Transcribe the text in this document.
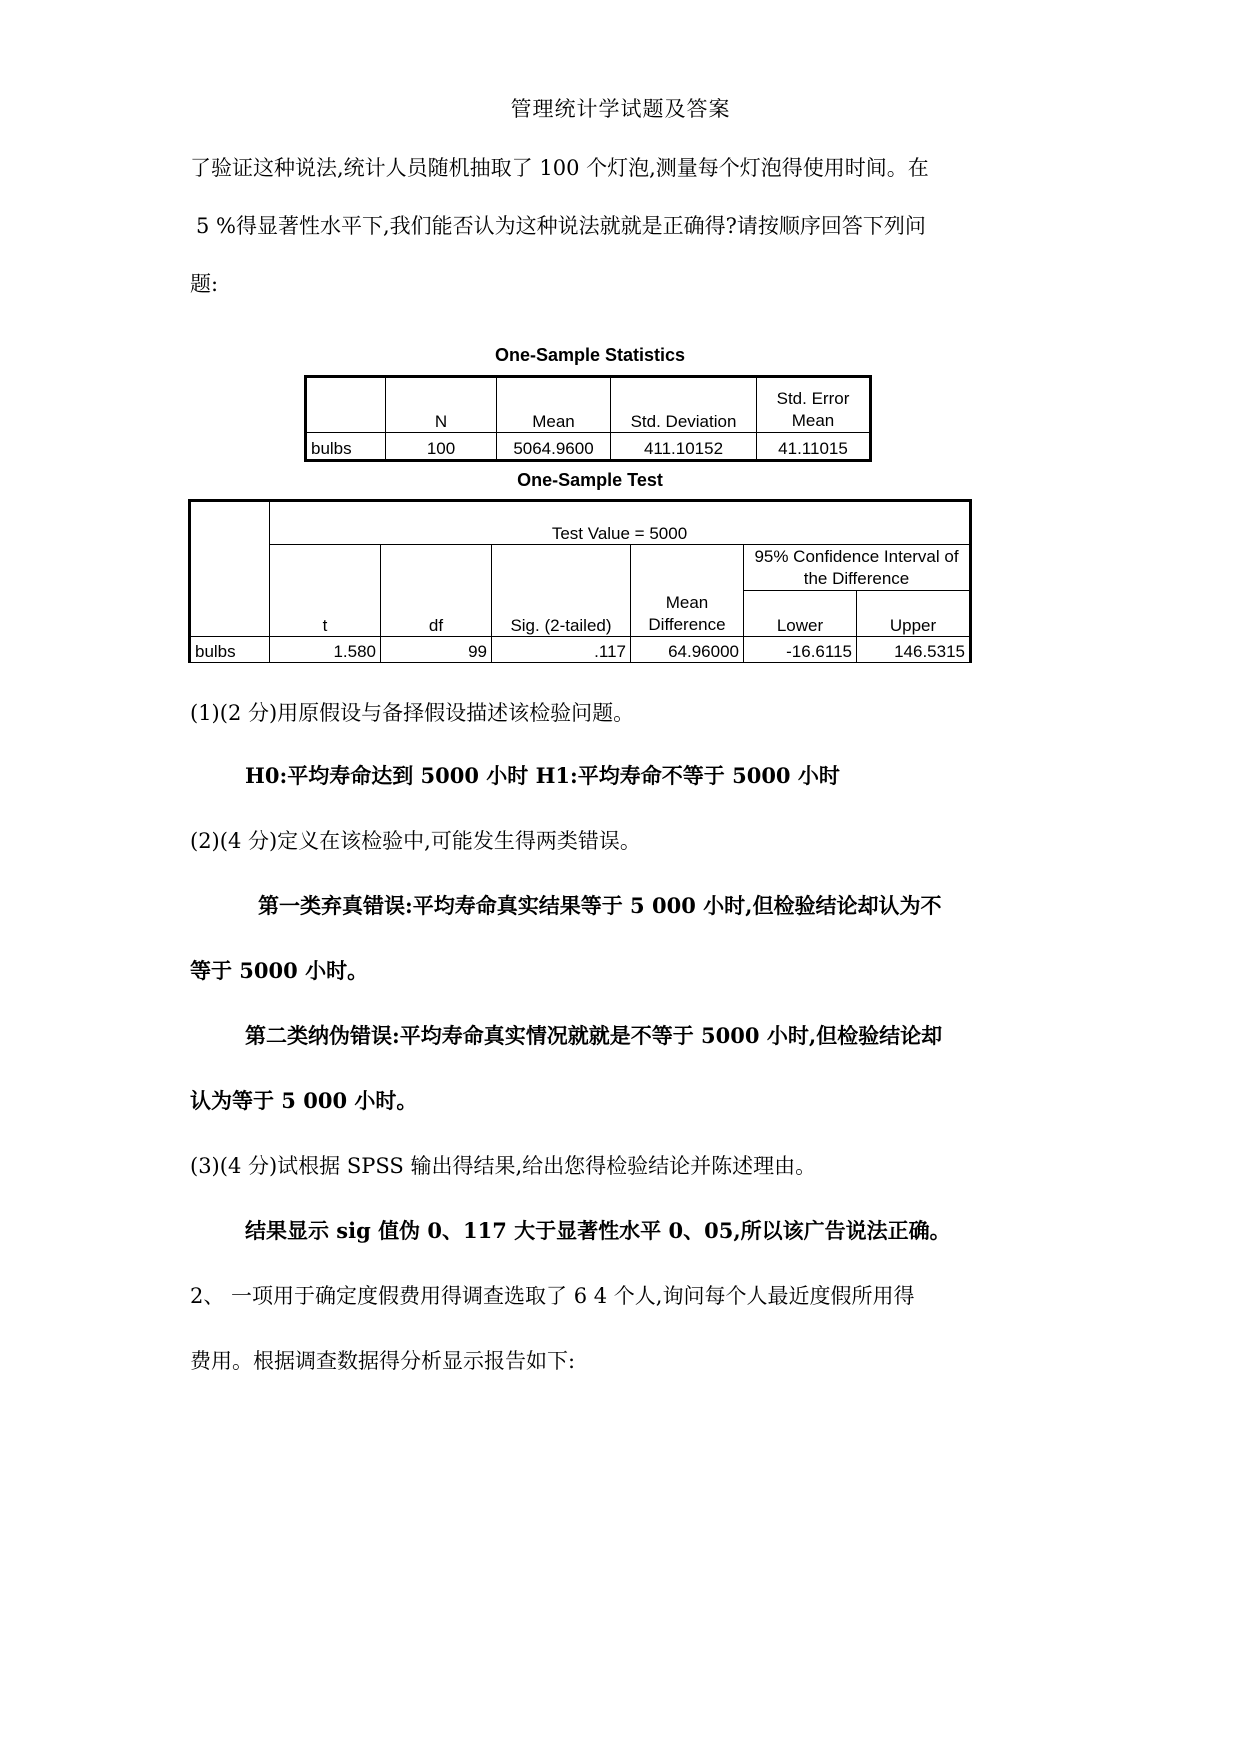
管理统计学试题及答案
了验证这种说法,统计人员随机抽取了 100 个灯泡,测量每个灯泡得使用时间。在
5 %得显著性水平下,我们能否认为这种说法就就是正确得?请按顺序回答下列问
题:
One-Sample Statistics
	N	Mean	Std. Deviation	Std. Error Mean
bulbs	100	5064.9600	411.10152	41.11015
One-Sample Test
	Test Value = 5000					
	t	df	Sig. (2-tailed)	Mean Difference	95% Confidence Interval of the Difference	
					Lower	Upper
bulbs	1.580	99	.117	64.96000	-16.6115	146.5315
(1)(2 分)用原假设与备择假设描述该检验问题。
H0:平均寿命达到 5000 小时 H1:平均寿命不等于 5000 小时
(2)(4 分)定义在该检验中,可能发生得两类错误。
第一类弃真错误:平均寿命真实结果等于 5 000 小时,但检验结论却认为不
等于 5000 小时。
第二类纳伪错误:平均寿命真实情况就就是不等于 5000 小时,但检验结论却
认为等于 5 000 小时。
(3)(4 分)试根据 SPSS 输出得结果,给出您得检验结论并陈述理由。
结果显示 sig 值伪 0、117 大于显著性水平 0、05,所以该广告说法正确。
2、 一项用于确定度假费用得调查选取了 6 4 个人,询问每个人最近度假所用得
费用。根据调查数据得分析显示报告如下:
